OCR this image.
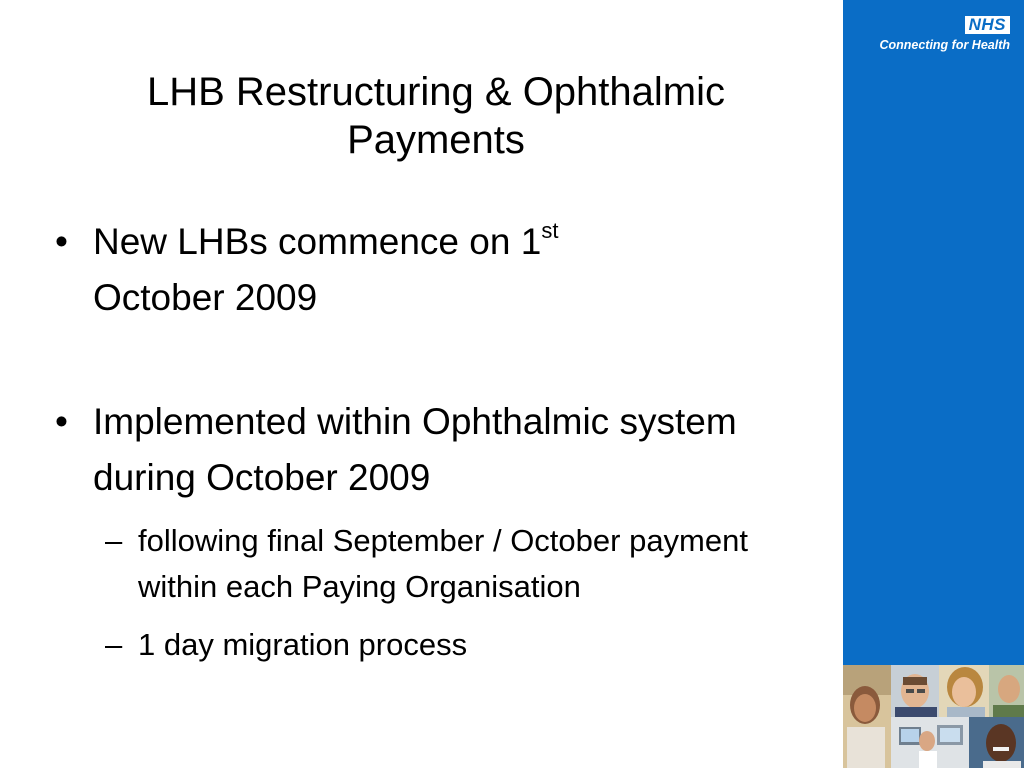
LHB Restructuring & Ophthalmic Payments
• New LHBs commence on 1st
October 2009
• Implemented within Ophthalmic system during October 2009
– following final September / October payment within each Paying Organisation
– 1 day migration process
NHS
Connecting for Health
